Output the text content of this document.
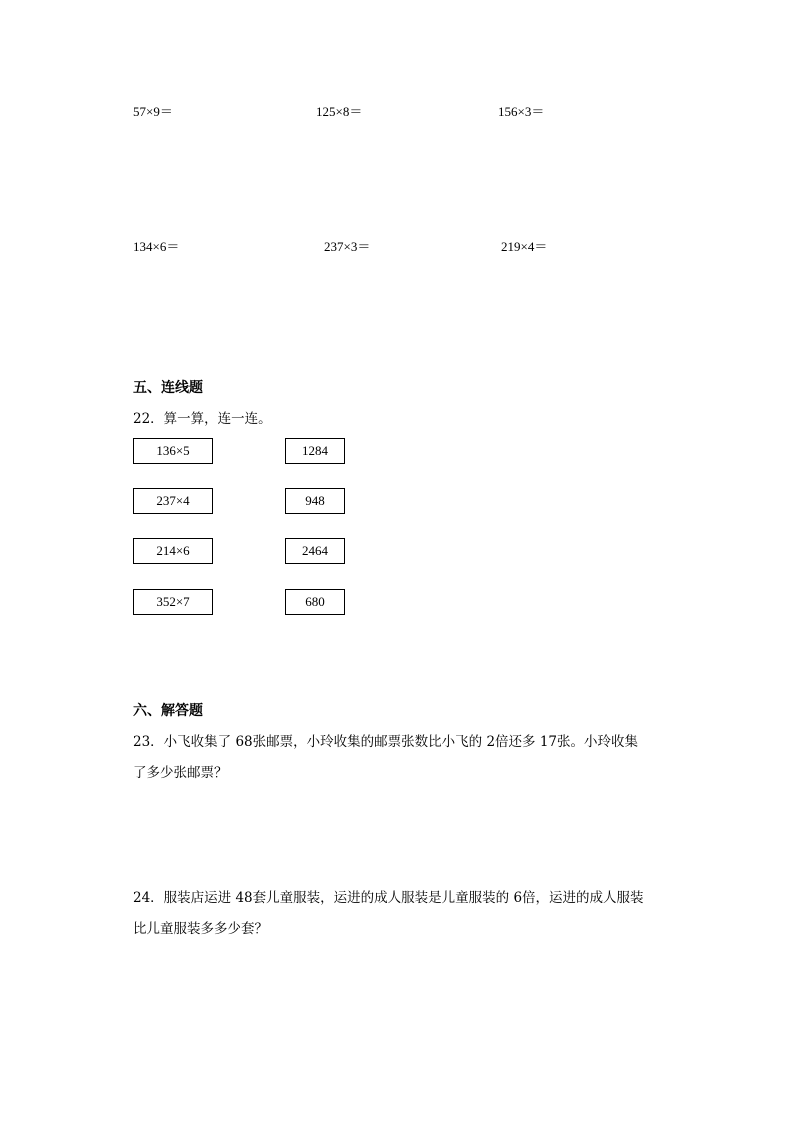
57×9＝	125×8＝	156×3＝
134×6＝	237×3＝	219×4＝
五、连线题
22．算一算，连一连。
136×5	1284
237×4	948
214×6	2464
352×7	680
六、解答题
23．小飞收集了 68张邮票，小玲收集的邮票张数比小飞的 2倍还多 17张。小玲收集
了多少张邮票？
24．服装店运进 48套儿童服装，运进的成人服装是儿童服装的 6倍，运进的成人服装
比儿童服装多多少套？
